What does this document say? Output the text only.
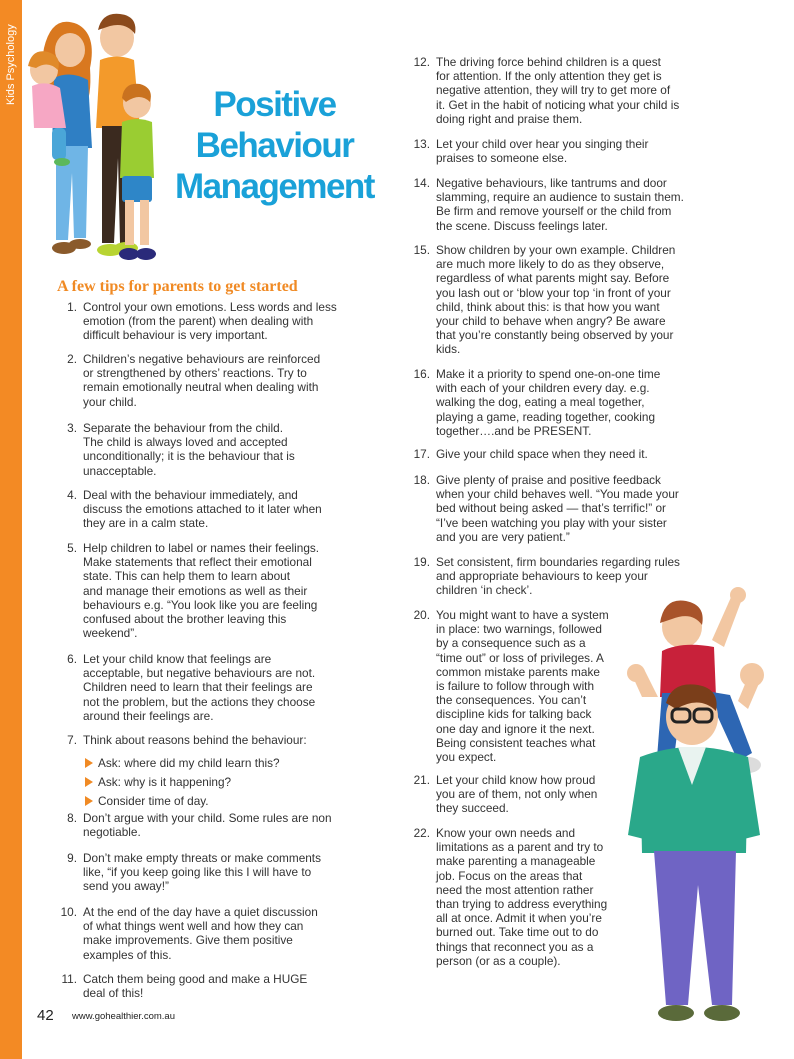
Kids Psychology	Positive
Behaviour
Management
A few tips for parents to get started
1. Control your own emotions. Less words and less
emotion (from the parent) when dealing with
difficult behaviour is very important.
2. Children’s negative behaviours are reinforced
or strengthened by others’ reactions. Try to
remain emotionally neutral when dealing with
your child.
3. Separate the behaviour from the child.
The child is always loved and accepted
unconditionally; it is the behaviour that is
unacceptable.
4. Deal with the behaviour immediately, and
discuss the emotions attached to it later when
they are in a calm state.
5. Help children to label or names their feelings.
Make statements that reflect their emotional
state. This can help them to learn about
and manage their emotions as well as their
behaviours e.g. “You look like you are feeling
confused about the brother leaving this
weekend”.
6. Let your child know that feelings are
acceptable, but negative behaviours are not.
Children need to learn that their feelings are
not the problem, but the actions they choose
around their feelings are.
7. Think about reasons behind the behaviour:
8. Don’t argue with your child. Some rules are non
negotiable.
9. Don’t make empty threats or make comments
like, “if you keep going like this I will have to
send you away!”
10. At the end of the day have a quiet discussion
of what things went well and how they can
make improvements. Give them positive
examples of this.
11. Catch them being good and make a HUGE
deal of this!
12. The driving force behind children is a quest
for attention. If the only attention they get is
negative attention, they will try to get more of
it. Get in the habit of noticing what your child is
doing right and praise them.
13. Let your child over hear you singing their
praises to someone else.
14. Negative behaviours, like tantrums and door
slamming, require an audience to sustain them.
Be firm and remove yourself or the child from
the scene. Discuss feelings later.
15. Show children by your own example. Children
are much more likely to do as they observe,
regardless of what parents might say. Before
you lash out or ‘blow your top ‘in front of your
child, think about this: is that how you want
your child to behave when angry? Be aware
that you’re constantly being observed by your
kids.
16. Make it a priority to spend one-on-one time
with each of your children every day. e.g.
walking the dog, eating a meal together,
playing a game, reading together, cooking
together….and be PRESENT.
17. Give your child space when they need it.
18. Give plenty of praise and positive feedback
when your child behaves well. “You made your
bed without being asked — that’s terrific!” or
“I’ve been watching you play with your sister
and you are very patient.”
19. Set consistent, firm boundaries regarding rules
and appropriate behaviours to keep your
children ‘in check’.
20. You might want to have a system
in place: two warnings, followed
by a consequence such as a
“time out” or loss of privileges. A
common mistake parents make
is failure to follow through with
the consequences. You can’t
discipline kids for talking back
one day and ignore it the next.
Being consistent teaches what
you expect.
21. Let your child know how proud
you are of them, not only when
they succeed.
22. Know your own needs and
limitations as a parent and try to
make parenting a manageable
job. Focus on the areas that
need the most attention rather
than trying to address everything
all at once. Admit it when you’re
burned out. Take time out to do
things that reconnect you as a
person (or as a couple).
Ask: where did my child learn this?
Ask: why is it happening?
Consider time of day.
42 www.gohealthier.com.au
